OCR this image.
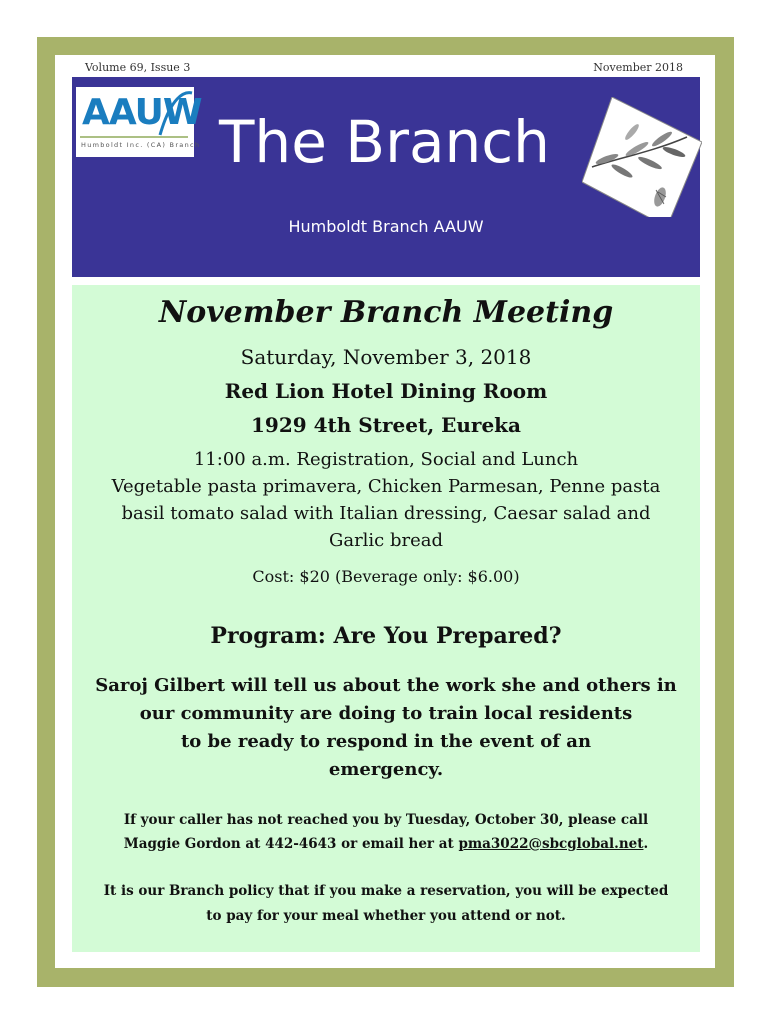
Volume 69, Issue 3	November 2018
AAUW
Humboldt Inc. (CA) Branch The Branch
Humboldt Branch AAUW
November Branch Meeting
Saturday, November 3, 2018
Red Lion Hotel Dining Room
1929 4th Street, Eureka
11:00 a.m. Registration, Social and Lunch
Vegetable pasta primavera, Chicken Parmesan, Penne pasta
basil tomato salad with Italian dressing, Caesar salad and
Garlic bread
Cost: $20 (Beverage only: $6.00)
Program: Are You Prepared?
Saroj Gilbert will tell us about the work she and others in
our community are doing to train local residents
to be ready to respond in the event of an
emergency.
If your caller has not reached you by Tuesday, October 30, please call
Maggie Gordon at 442-4643 or email her at pma3022@sbcglobal.net.
It is our Branch policy that if you make a reservation, you will be expected
to pay for your meal whether you attend or not.
